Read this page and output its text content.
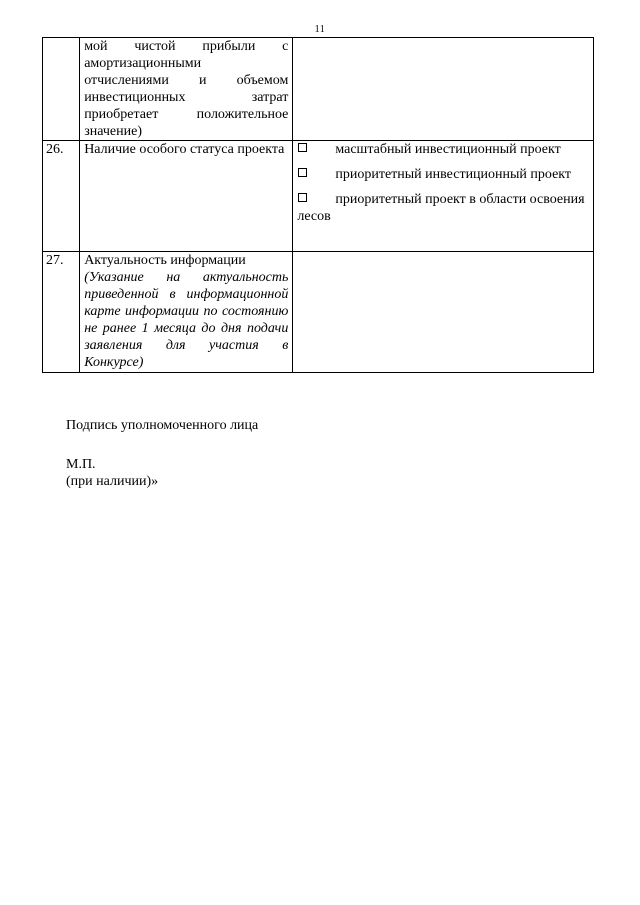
11

	мой чистой прибыли с амортизационными отчислениями и объемом инвестиционных затрат приобретает положительное значение)	

26.	Наличие особого статуса проекта	масштабный инвестиционный проект
приоритетный инвестиционный проект
приоритетный проект в области освоения лесов

27.	Актуальность информации
(Указание на актуальность приведенной в информационной карте информации по состоянию не ранее 1 месяца до дня подачи заявления для участия в Конкурсе)	

Подпись уполномоченного лица
М.П.
(при наличии)»
